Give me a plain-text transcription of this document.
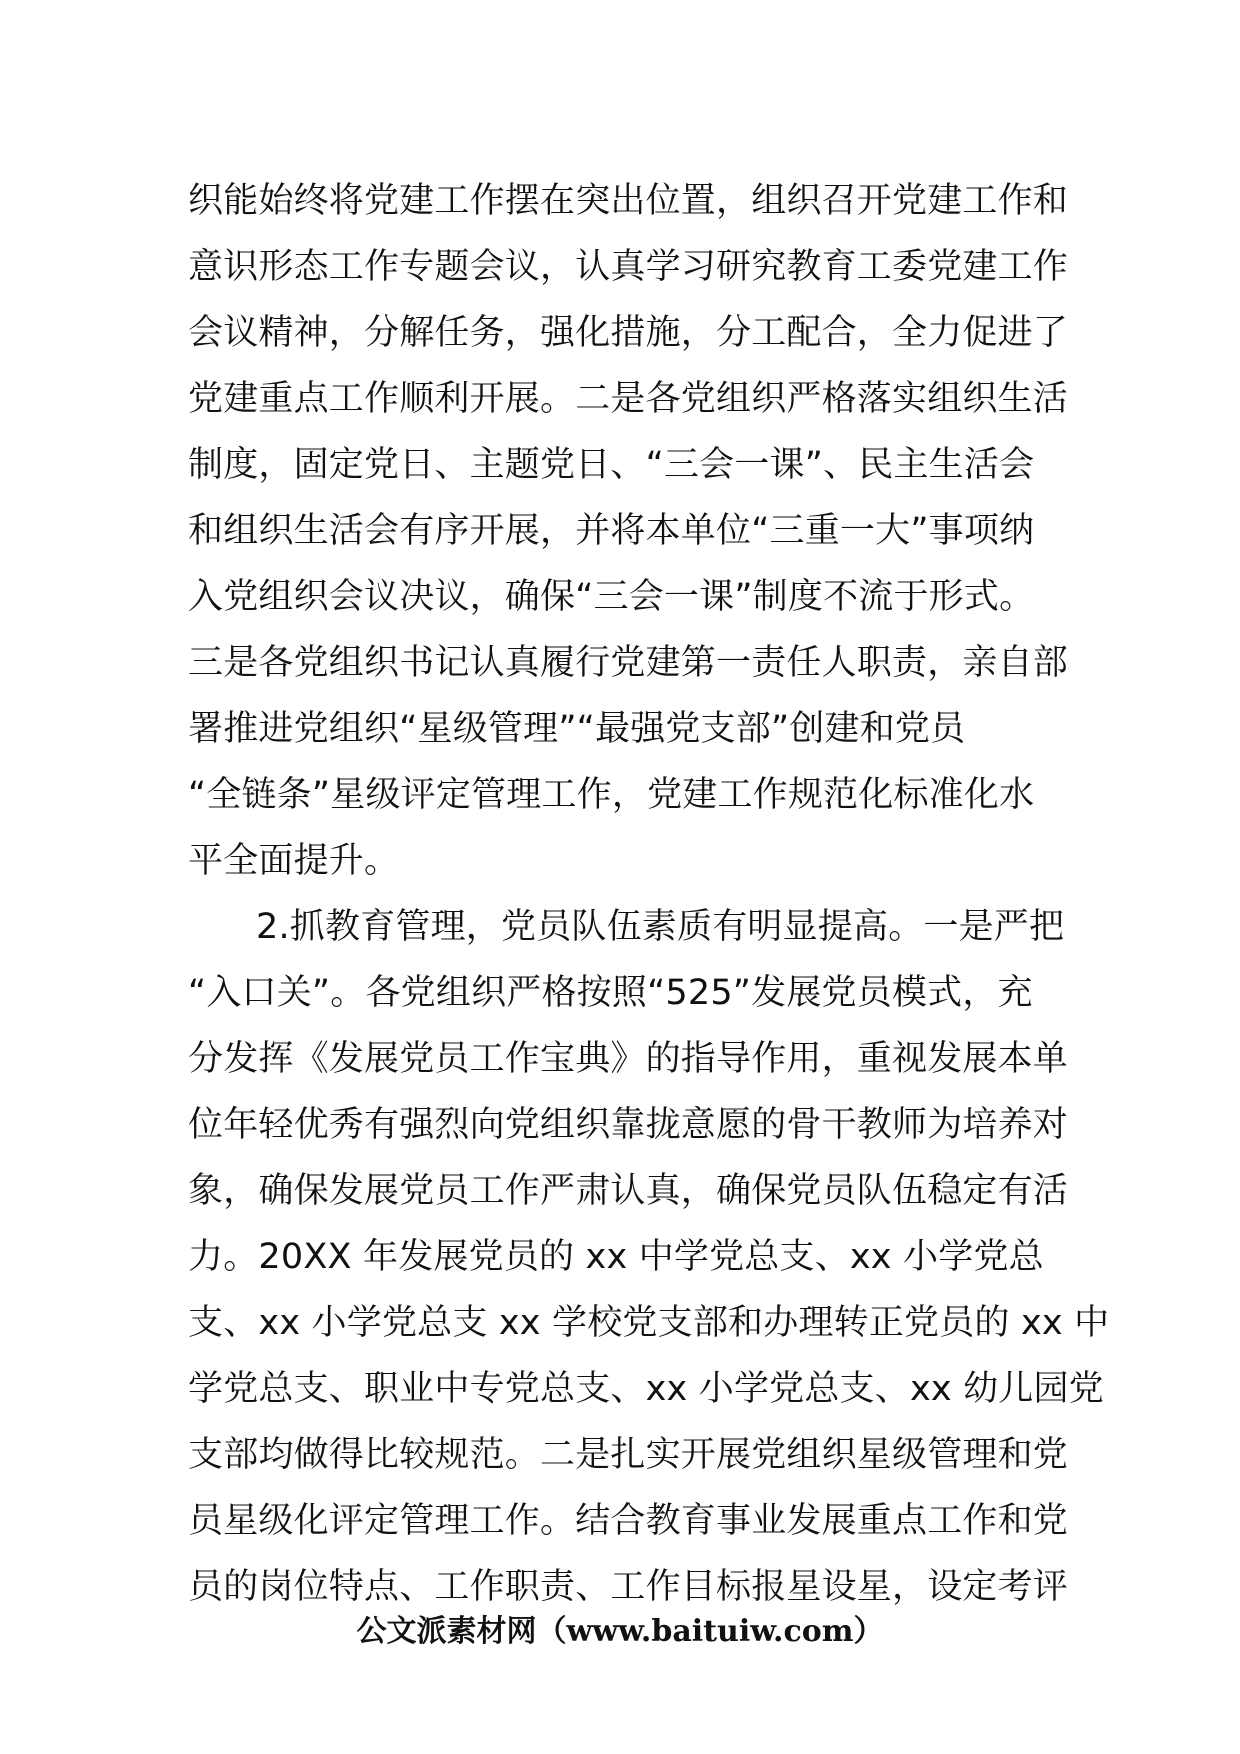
织能始终将党建工作摆在突出位置，组织召开党建工作和
意识形态工作专题会议，认真学习研究教育工委党建工作
会议精神，分解任务，强化措施，分工配合，全力促进了
党建重点工作顺利开展。二是各党组织严格落实组织生活
制度，固定党日、主题党日、“三会一课”、民主生活会
和组织生活会有序开展，并将本单位“三重一大”事项纳
入党组织会议决议，确保“三会一课”制度不流于形式。
三是各党组织书记认真履行党建第一责任人职责，亲自部
署推进党组织“星级管理”“最强党支部”创建和党员
“全链条”星级评定管理工作，党建工作规范化标准化水
平全面提升。
2.抓教育管理，党员队伍素质有明显提高。一是严把
“入口关”。各党组织严格按照“525”发展党员模式，充
分发挥《发展党员工作宝典》的指导作用，重视发展本单
位年轻优秀有强烈向党组织靠拢意愿的骨干教师为培养对
象，确保发展党员工作严肃认真，确保党员队伍稳定有活
力。20XX 年发展党员的 xx 中学党总支、xx 小学党总
支、xx 小学党总支 xx 学校党支部和办理转正党员的 xx 中
学党总支、职业中专党总支、xx 小学党总支、xx 幼儿园党
支部均做得比较规范。二是扎实开展党组织星级管理和党
员星级化评定管理工作。结合教育事业发展重点工作和党
员的岗位特点、工作职责、工作目标报星设星，设定考评
公文派素材网（www.baituiw.com）
